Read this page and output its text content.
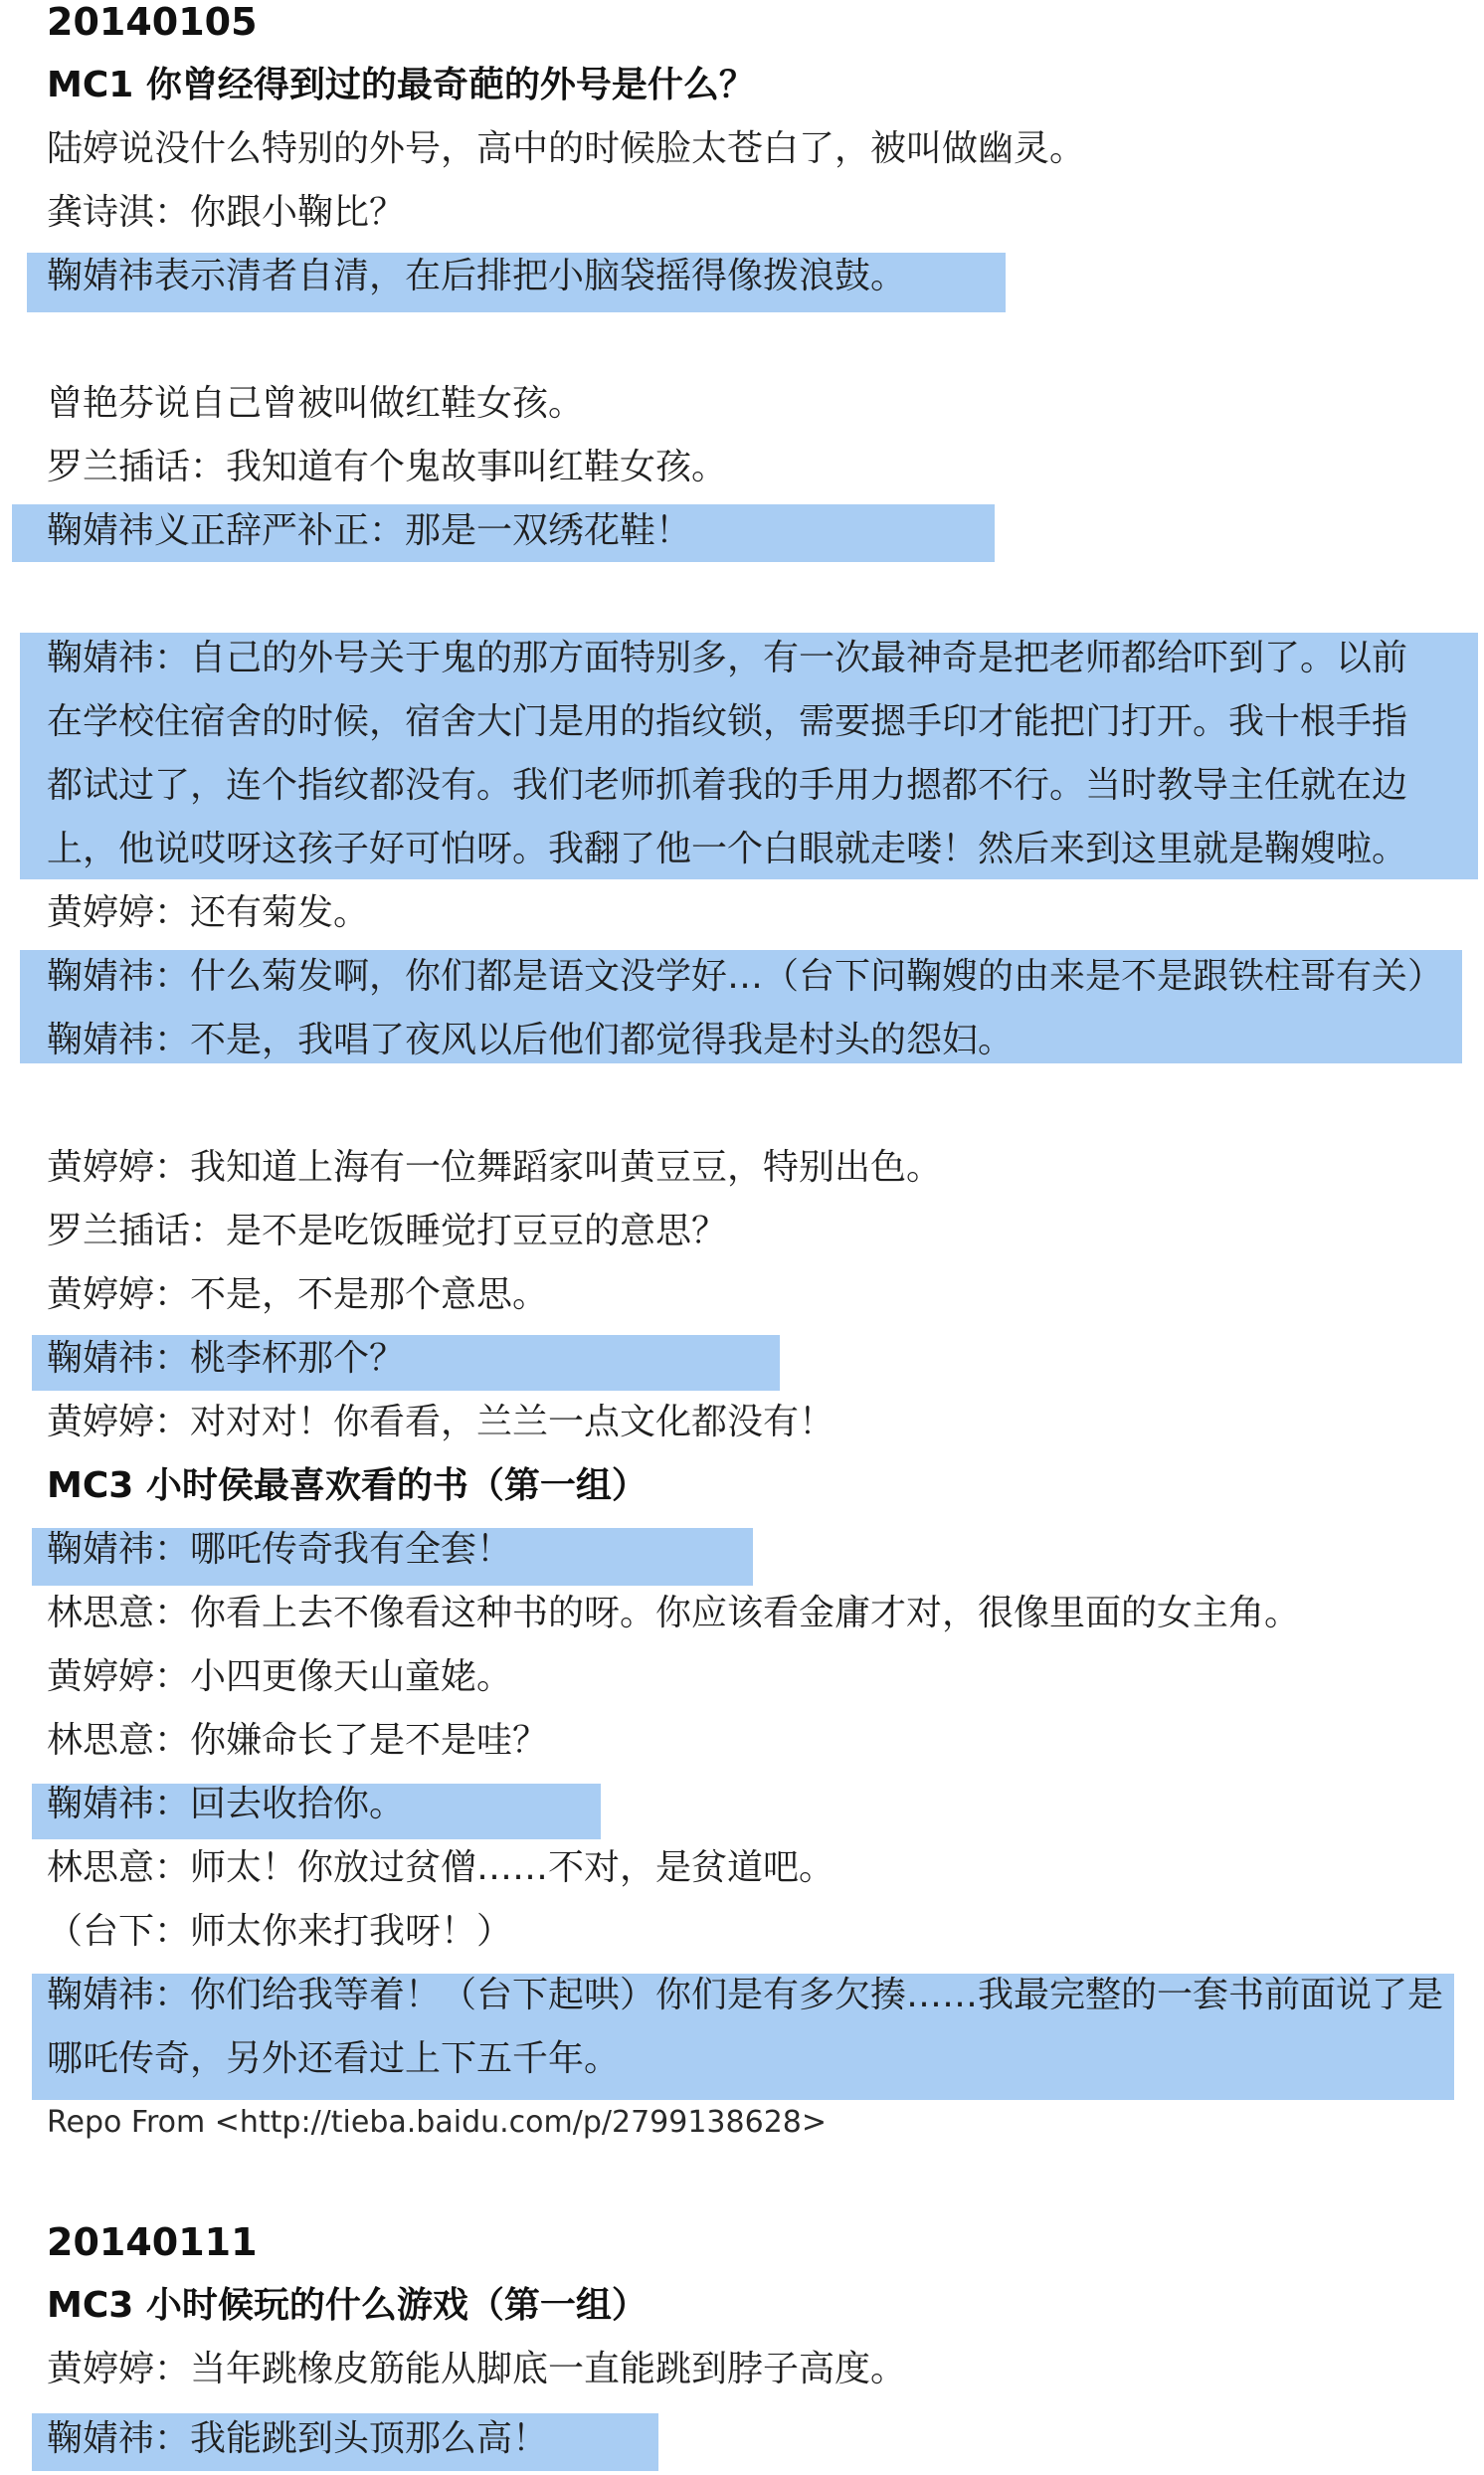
20140105
MC1 你曾经得到过的最奇葩的外号是什么？
陆婷说没什么特别的外号，高中的时候脸太苍白了，被叫做幽灵。
龚诗淇：你跟小鞠比？
鞠婧祎表示清者自清，在后排把小脑袋摇得像拨浪鼓。
曾艳芬说自己曾被叫做红鞋女孩。
罗兰插话：我知道有个鬼故事叫红鞋女孩。
鞠婧祎义正辞严补正：那是一双绣花鞋！
鞠婧祎：自己的外号关于鬼的那方面特别多，有一次最神奇是把老师都给吓到了。以前
在学校住宿舍的时候，宿舍大门是用的指纹锁，需要摁手印才能把门打开。我十根手指
都试过了，连个指纹都没有。我们老师抓着我的手用力摁都不行。当时教导主任就在边
上，他说哎呀这孩子好可怕呀。我翻了他一个白眼就走喽！然后来到这里就是鞠嫂啦。
黄婷婷：还有菊发。
鞠婧祎：什么菊发啊，你们都是语文没学好…（台下问鞠嫂的由来是不是跟铁柱哥有关）
鞠婧祎：不是，我唱了夜风以后他们都觉得我是村头的怨妇。
黄婷婷：我知道上海有一位舞蹈家叫黄豆豆，特别出色。
罗兰插话：是不是吃饭睡觉打豆豆的意思？
黄婷婷：不是，不是那个意思。
鞠婧祎：桃李杯那个？
黄婷婷：对对对！你看看，兰兰一点文化都没有！
MC3 小时侯最喜欢看的书（第一组）
鞠婧祎：哪吒传奇我有全套！
林思意：你看上去不像看这种书的呀。你应该看金庸才对，很像里面的女主角。
黄婷婷：小四更像天山童姥。
林思意：你嫌命长了是不是哇？
鞠婧祎：回去收拾你。
林思意：师太！你放过贫僧……不对，是贫道吧。
（台下：师太你来打我呀！）
鞠婧祎：你们给我等着！（台下起哄）你们是有多欠揍……我最完整的一套书前面说了是
哪吒传奇，另外还看过上下五千年。
Repo From <http://tieba.baidu.com/p/2799138628>
20140111
MC3 小时候玩的什么游戏（第一组）
黄婷婷：当年跳橡皮筋能从脚底一直能跳到脖子高度。
鞠婧祎：我能跳到头顶那么高！
